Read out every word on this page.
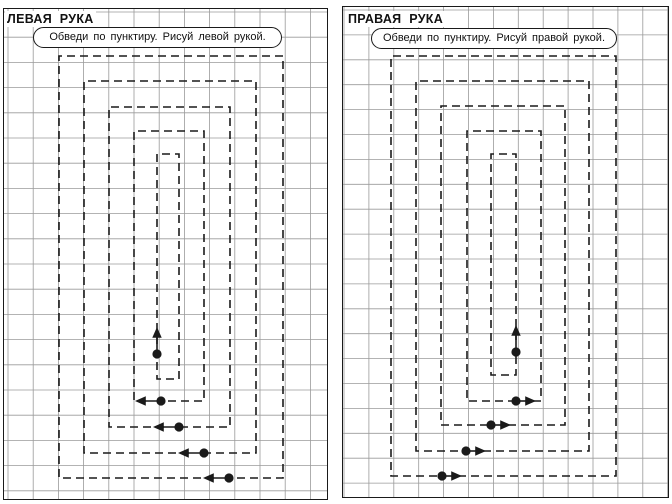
ЛЕВАЯ РУКА
Обведи по пунктиру. Рисуй левой рукой.
ПРАВАЯ РУКА
Обведи по пунктиру. Рисуй правой рукой.
